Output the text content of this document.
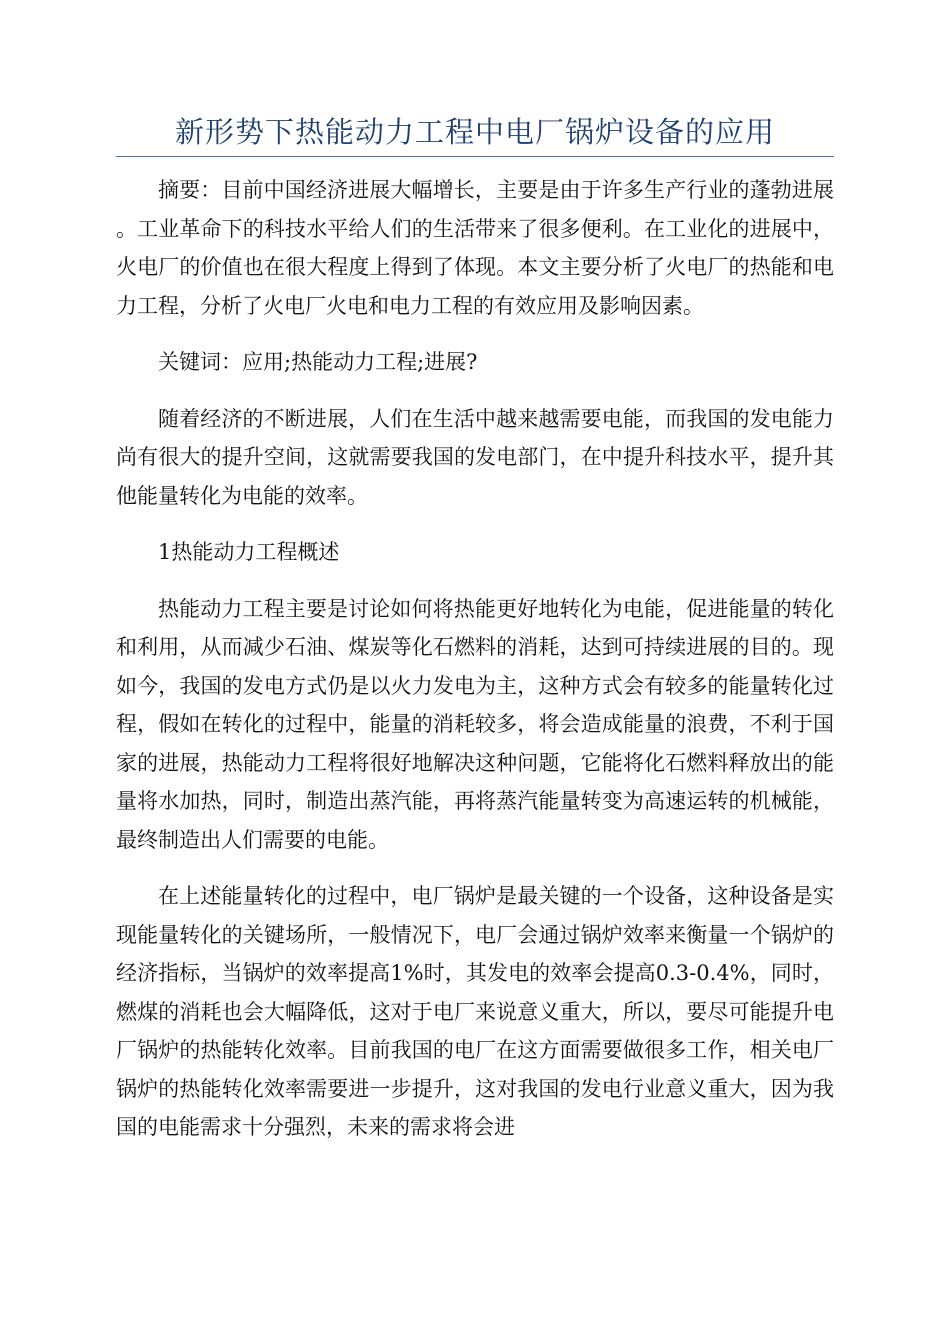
新形势下热能动力工程中电厂锅炉设备的应用

摘要：目前中国经济进展大幅增长，主要是由于许多生产行业的蓬勃进展。工业革命下的科技水平给人们的生活带来了很多便利。在工业化的进展中，火电厂的价值也在很大程度上得到了体现。本文主要分析了火电厂的热能和电力工程，分析了火电厂火电和电力工程的有效应用及影响因素。

关键词：应用;热能动力工程;进展?

随着经济的不断进展，人们在生活中越来越需要电能，而我国的发电能力尚有很大的提升空间，这就需要我国的发电部门，在中提升科技水平，提升其他能量转化为电能的效率。

1热能动力工程概述

热能动力工程主要是讨论如何将热能更好地转化为电能，促进能量的转化和利用，从而减少石油、煤炭等化石燃料的消耗，达到可持续进展的目的。现如今，我国的发电方式仍是以火力发电为主，这种方式会有较多的能量转化过程，假如在转化的过程中，能量的消耗较多，将会造成能量的浪费，不利于国家的进展，热能动力工程将很好地解决这种问题，它能将化石燃料释放出的能量将水加热，同时，制造出蒸汽能，再将蒸汽能量转变为高速运转的机械能，最终制造出人们需要的电能。

在上述能量转化的过程中，电厂锅炉是最关键的一个设备，这种设备是实现能量转化的关键场所，一般情况下，电厂会通过锅炉效率来衡量一个锅炉的经济指标，当锅炉的效率提高1%时，其发电的效率会提高0.3-0.4%，同时，燃煤的消耗也会大幅降低，这对于电厂来说意义重大，所以，要尽可能提升电厂锅炉的热能转化效率。目前我国的电厂在这方面需要做很多工作，相关电厂锅炉的热能转化效率需要进一步提升，这对我国的发电行业意义重大，因为我国的电能需求十分强烈，未来的需求将会进
